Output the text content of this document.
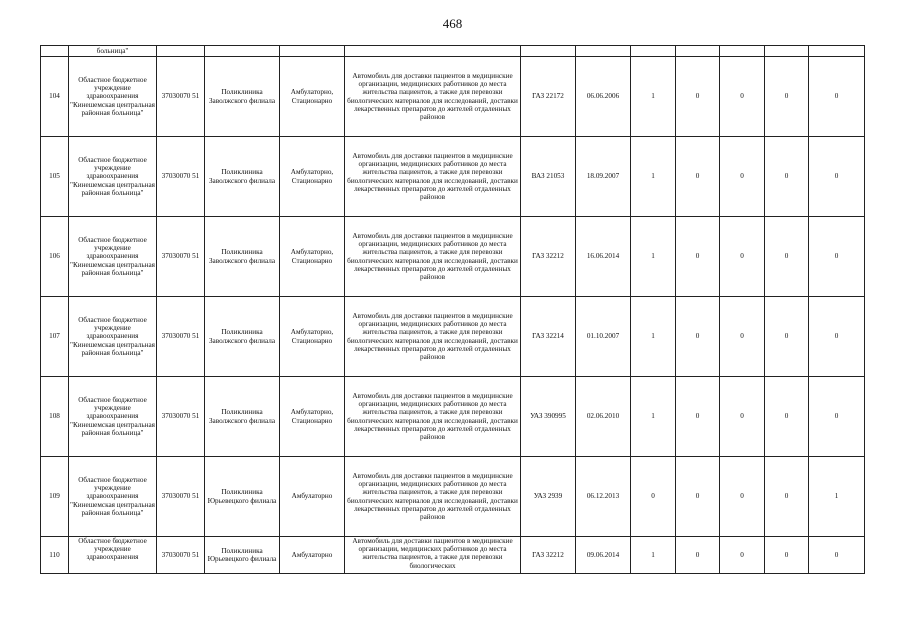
468

	больница"											

104	Областное бюджетное учреждение здравоохранения "Кинешемская центральная районная больница"	37030070 51	Поликлиника Заволжского филиала	Амбулаторно, Стационарно	Автомобиль для доставки пациентов в медицинские организации, медицинских работников до места жительства пациентов, а также для перевозки биологических материалов для исследований, доставки лекарственных препаратов до жителей отдаленных районов	ГАЗ 22172	06.06.2006	1	0	0	0	0
105	Областное бюджетное учреждение здравоохранения "Кинешемская центральная районная больница"	37030070 51	Поликлиника Заволжского филиала	Амбулаторно, Стационарно	Автомобиль для доставки пациентов в медицинские организации, медицинских работников до места жительства пациентов, а также для перевозки биологических материалов для исследований, доставки лекарственных препаратов до жителей отдаленных районов	ВАЗ 21053	18.09.2007	1	0	0	0	0
106	Областное бюджетное учреждение здравоохранения "Кинешемская центральная районная больница"	37030070 51	Поликлиника Заволжского филиала	Амбулаторно, Стационарно	Автомобиль для доставки пациентов в медицинские организации, медицинских работников до места жительства пациентов, а также для перевозки биологических материалов для исследований, доставки лекарственных препаратов до жителей отдаленных районов	ГАЗ 32212	16.06.2014	1	0	0	0	0
107	Областное бюджетное учреждение здравоохранения "Кинешемская центральная районная больница"	37030070 51	Поликлиника Заволжского филиала	Амбулаторно, Стационарно	Автомобиль для доставки пациентов в медицинские организации, медицинских работников до места жительства пациентов, а также для перевозки биологических материалов для исследований, доставки лекарственных препаратов до жителей отдаленных районов	ГАЗ 32214	01.10.2007	1	0	0	0	0
108	Областное бюджетное учреждение здравоохранения "Кинешемская центральная районная больница"	37030070 51	Поликлиника Заволжского филиала	Амбулаторно, Стационарно	Автомобиль для доставки пациентов в медицинские организации, медицинских работников до места жительства пациентов, а также для перевозки биологических материалов для исследований, доставки лекарственных препаратов до жителей отдаленных районов	УАЗ 390995	02.06.2010	1	0	0	0	0
109	Областное бюджетное учреждение здравоохранения "Кинешемская центральная районная больница"	37030070 51	Поликлиника Юрьевецкого филиала	Амбулаторно	Автомобиль для доставки пациентов в медицинские организации, медицинских работников до места жительства пациентов, а также для перевозки биологических материалов для исследований, доставки лекарственных препаратов до жителей отдаленных районов	УАЗ 2939	06.12.2013	0	0	0	0	1
110	Областное бюджетное учреждение здравоохранения	37030070 51	Поликлиника Юрьевецкого филиала	Амбулаторно	Автомобиль для доставки пациентов в медицинские организации, медицинских работников до места жительства пациентов, а также для перевозки биологических	ГАЗ 32212	09.06.2014	1	0	0	0	0
